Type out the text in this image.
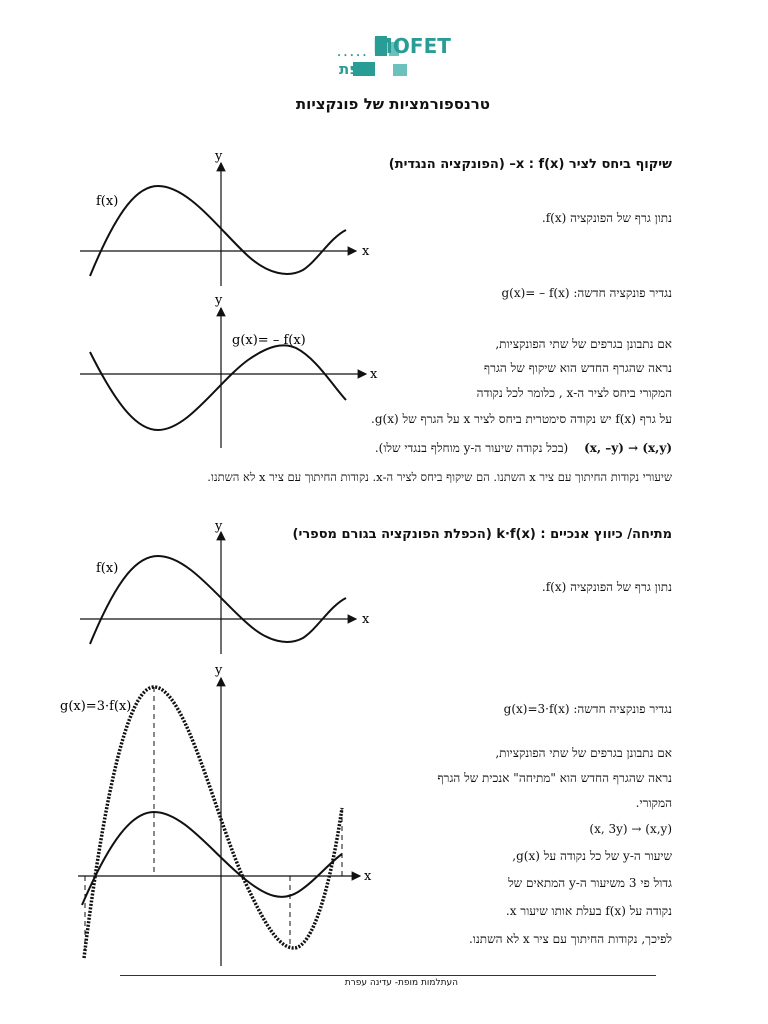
• • • • • MOFET
מופת
טרנספורמציות של פונקציות
שיקוף ביחס לציר x : f(x)– (הפונקציה הנגדית)
נתון גרף של הפונקציה f(x).
נגדיר פונקציה חדשה: g(x)= – f(x)
אם נתבונן בגרפים של שתי הפונקציות,
נראה שהגרף החדש הוא שיקוף של הגרף
המקורי ביחס לציר ה-x , כלומר לכל נקודה
על גרף f(x) יש נקודה סימטרית ביחס לציר x על הגרף של g(x).
(x,y) → (x, –y) (בכל נקודה שיעור ה-y מוחלף בנגדי שלו).
שיעורי נקודות החיתוך עם ציר x השתנו. הם שיקוף ביחס לציר ה-x. נקודות החיתוך עם ציר x לא השתנו.
f(x)
x
y
g(x)= – f(x)
x
y
מתיחה/ כיווץ אנכיים : k·f(x) (הכפלת הפונקציה בגורם מספרי)
נתון גרף של הפונקציה f(x).
נגדיר פונקציה חדשה: g(x)=3·f(x)
אם נתבונן בגרפים של שתי הפונקציות,
נראה שהגרף החדש הוא "מתיחה" אנכית של הגרף
המקורי.
(x,y) → (x, 3y)
שיעור ה-y של כל נקודה על g(x),
גדול פי 3 משיעור ה-y המתאים של
נקודה על f(x) בעלת אותו שיעור x.
לפיכך, נקודות החיתוך עם ציר x לא השתנו.
f(x)
x
y
g(x)=3·f(x)
x
y
העתלמות מופת- עדינה עפרת
